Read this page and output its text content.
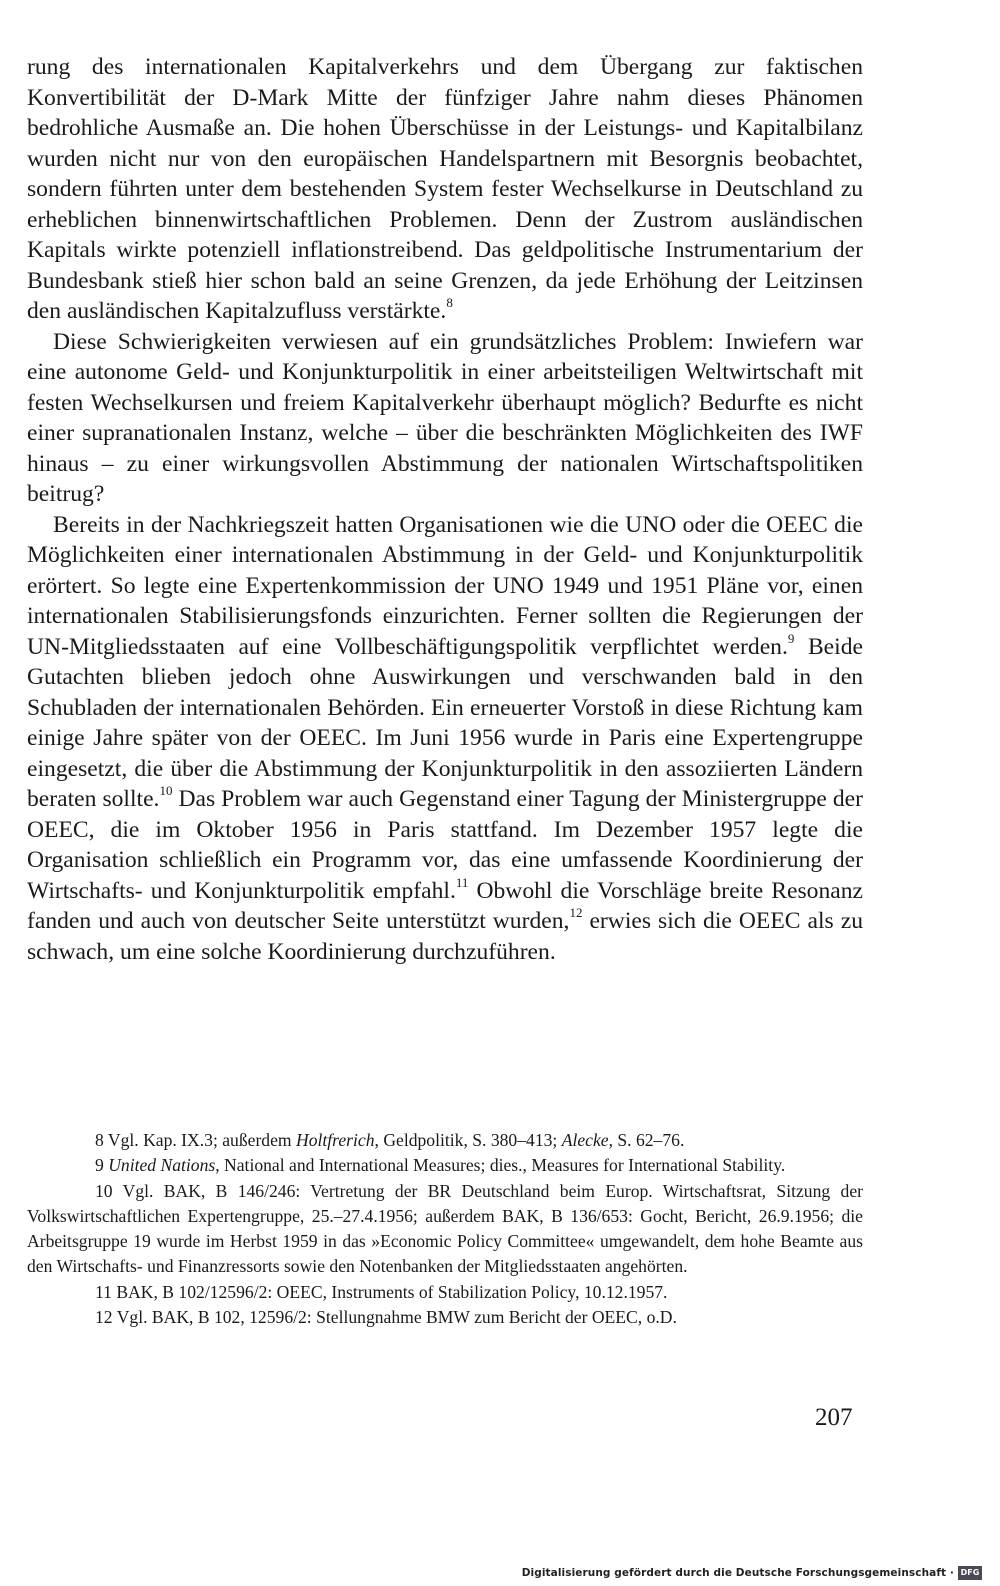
rung des internationalen Kapitalverkehrs und dem Übergang zur faktischen Konvertibilität der D-Mark Mitte der fünfziger Jahre nahm dieses Phänomen bedrohliche Ausmaße an. Die hohen Überschüsse in der Leistungs- und Kapitalbilanz wurden nicht nur von den europäischen Handelspartnern mit Besorgnis beobachtet, sondern führten unter dem bestehenden System fester Wechselkurse in Deutschland zu erheblichen binnenwirtschaftlichen Problemen. Denn der Zustrom ausländischen Kapitals wirkte potenziell inflationstreibend. Das geldpolitische Instrumentarium der Bundesbank stieß hier schon bald an seine Grenzen, da jede Erhöhung der Leitzinsen den ausländischen Kapitalzufluss verstärkte.$^8$

Diese Schwierigkeiten verwiesen auf ein grundsätzliches Problem: Inwiefern war eine autonome Geld- und Konjunkturpolitik in einer arbeitsteiligen Weltwirtschaft mit festen Wechselkursen und freiem Kapitalverkehr überhaupt möglich? Bedurfte es nicht einer supranationalen Instanz, welche – über die beschränkten Möglichkeiten des IWF hinaus – zu einer wirkungsvollen Abstimmung der nationalen Wirtschaftspolitiken beitrug?

Bereits in der Nachkriegszeit hatten Organisationen wie die UNO oder die OEEC die Möglichkeiten einer internationalen Abstimmung in der Geld- und Konjunkturpolitik erörtert. So legte eine Expertenkommission der UNO 1949 und 1951 Pläne vor, einen internationalen Stabilisierungsfonds einzurichten. Ferner sollten die Regierungen der UN-Mitgliedsstaaten auf eine Vollbeschäftigungspolitik verpflichtet werden.$^9$ Beide Gutachten blieben jedoch ohne Auswirkungen und verschwanden bald in den Schubladen der internationalen Behörden. Ein erneuerter Vorstoß in diese Richtung kam einige Jahre später von der OEEC. Im Juni 1956 wurde in Paris eine Expertengruppe eingesetzt, die über die Abstimmung der Konjunkturpolitik in den assoziierten Ländern beraten sollte.$^{10}$ Das Problem war auch Gegenstand einer Tagung der Ministergruppe der OEEC, die im Oktober 1956 in Paris stattfand. Im Dezember 1957 legte die Organisation schließlich ein Programm vor, das eine umfassende Koordinierung der Wirtschafts- und Konjunkturpolitik empfahl.$^{11}$ Obwohl die Vorschläge breite Resonanz fanden und auch von deutscher Seite unterstützt wurden,$^{12}$ erwies sich die OEEC als zu schwach, um eine solche Koordinierung durchzuführen.

8 Vgl. Kap. IX.3; außerdem Holtfrerich, Geldpolitik, S. 380–413; Alecke, S. 62–76.

9 United Nations, National and International Measures; dies., Measures for International Stability.

10 Vgl. BAK, B 146/246: Vertretung der BR Deutschland beim Europ. Wirtschaftsrat, Sitzung der Volkswirtschaftlichen Expertengruppe, 25.–27.4.1956; außerdem BAK, B 136/653: Gocht, Bericht, 26.9.1956; die Arbeitsgruppe 19 wurde im Herbst 1959 in das »Economic Policy Committee« umgewandelt, dem hohe Beamte aus den Wirtschafts- und Finanzressorts sowie den Notenbanken der Mitgliedsstaaten angehörten.

11 BAK, B 102/12596/2: OEEC, Instruments of Stabilization Policy, 10.12.1957.

12 Vgl. BAK, B 102, 12596/2: Stellungnahme BMW zum Bericht der OEEC, o.D.

207
Digitalisierung gefördert durch die Deutsche Forschungsgemeinschaft · DFG
